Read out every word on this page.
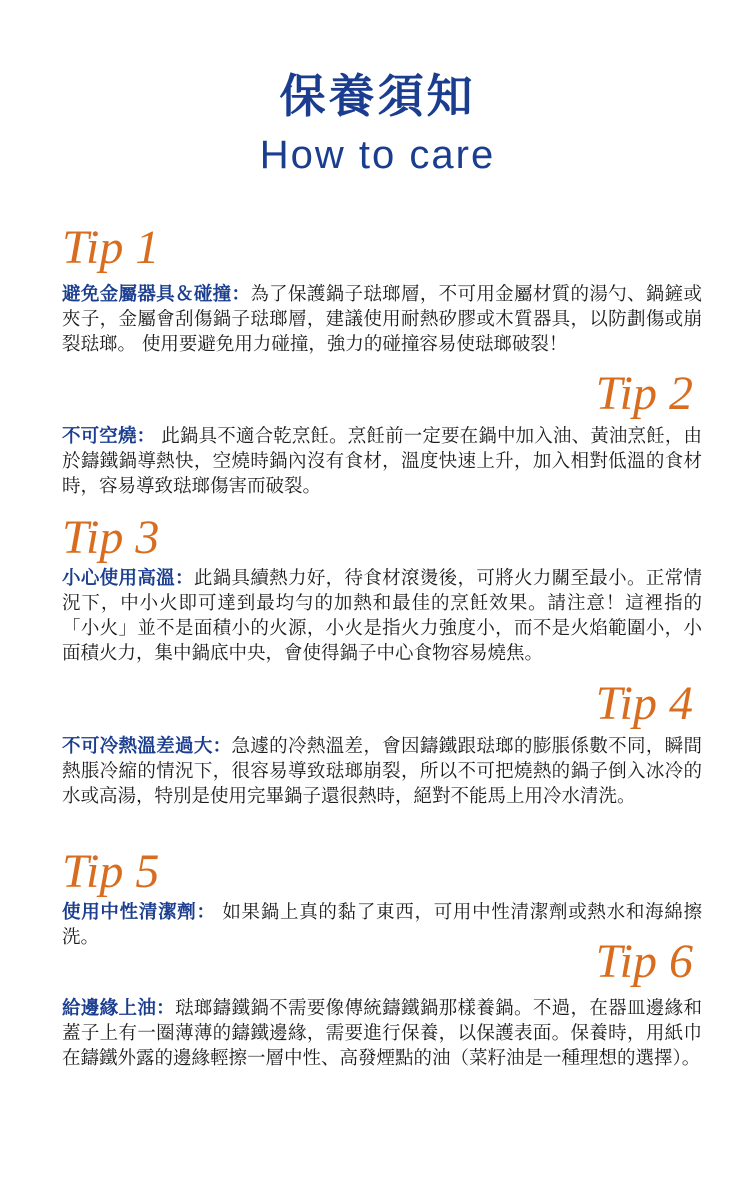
保養須知
How to care
Tip 1
避免金屬器具＆碰撞：為了保護鍋子琺瑯層，不可用金屬材質的湯勺、鍋鏟或夾子，金屬會刮傷鍋子琺瑯層，建議使用耐熱矽膠或木質器具，以防劃傷或崩裂琺瑯。 使用要避免用力碰撞，強力的碰撞容易使琺瑯破裂！
Tip 2
不可空燒： 此鍋具不適合乾烹飪。烹飪前一定要在鍋中加入油、黃油烹飪，由於鑄鐵鍋導熱快，空燒時鍋內沒有食材，溫度快速上升，加入相對低溫的食材時，容易導致琺瑯傷害而破裂。
Tip 3
小心使用高溫：此鍋具續熱力好，待食材滾燙後，可將火力關至最小。正常情況下，中小火即可達到最均勻的加熱和最佳的烹飪效果。請注意！這裡指的「小火」並不是面積小的火源，小火是指火力強度小，而不是火焰範圍小，小面積火力，集中鍋底中央，會使得鍋子中心食物容易燒焦。
Tip 4
不可冷熱溫差過大：急遽的冷熱溫差，會因鑄鐵跟琺瑯的膨脹係數不同，瞬間熱脹冷縮的情況下，很容易導致琺瑯崩裂，所以不可把燒熱的鍋子倒入冰冷的水或高湯，特別是使用完畢鍋子還很熱時，絕對不能馬上用冷水清洗。
Tip 5
使用中性清潔劑： 如果鍋上真的黏了東西，可用中性清潔劑或熱水和海綿擦洗。	Tip 6
給邊緣上油：琺瑯鑄鐵鍋不需要像傳統鑄鐵鍋那樣養鍋。不過，在器皿邊緣和蓋子上有一圈薄薄的鑄鐵邊緣，需要進行保養，以保護表面。保養時，用紙巾在鑄鐵外露的邊緣輕擦一層中性、高發煙點的油（菜籽油是一種理想的選擇）。
